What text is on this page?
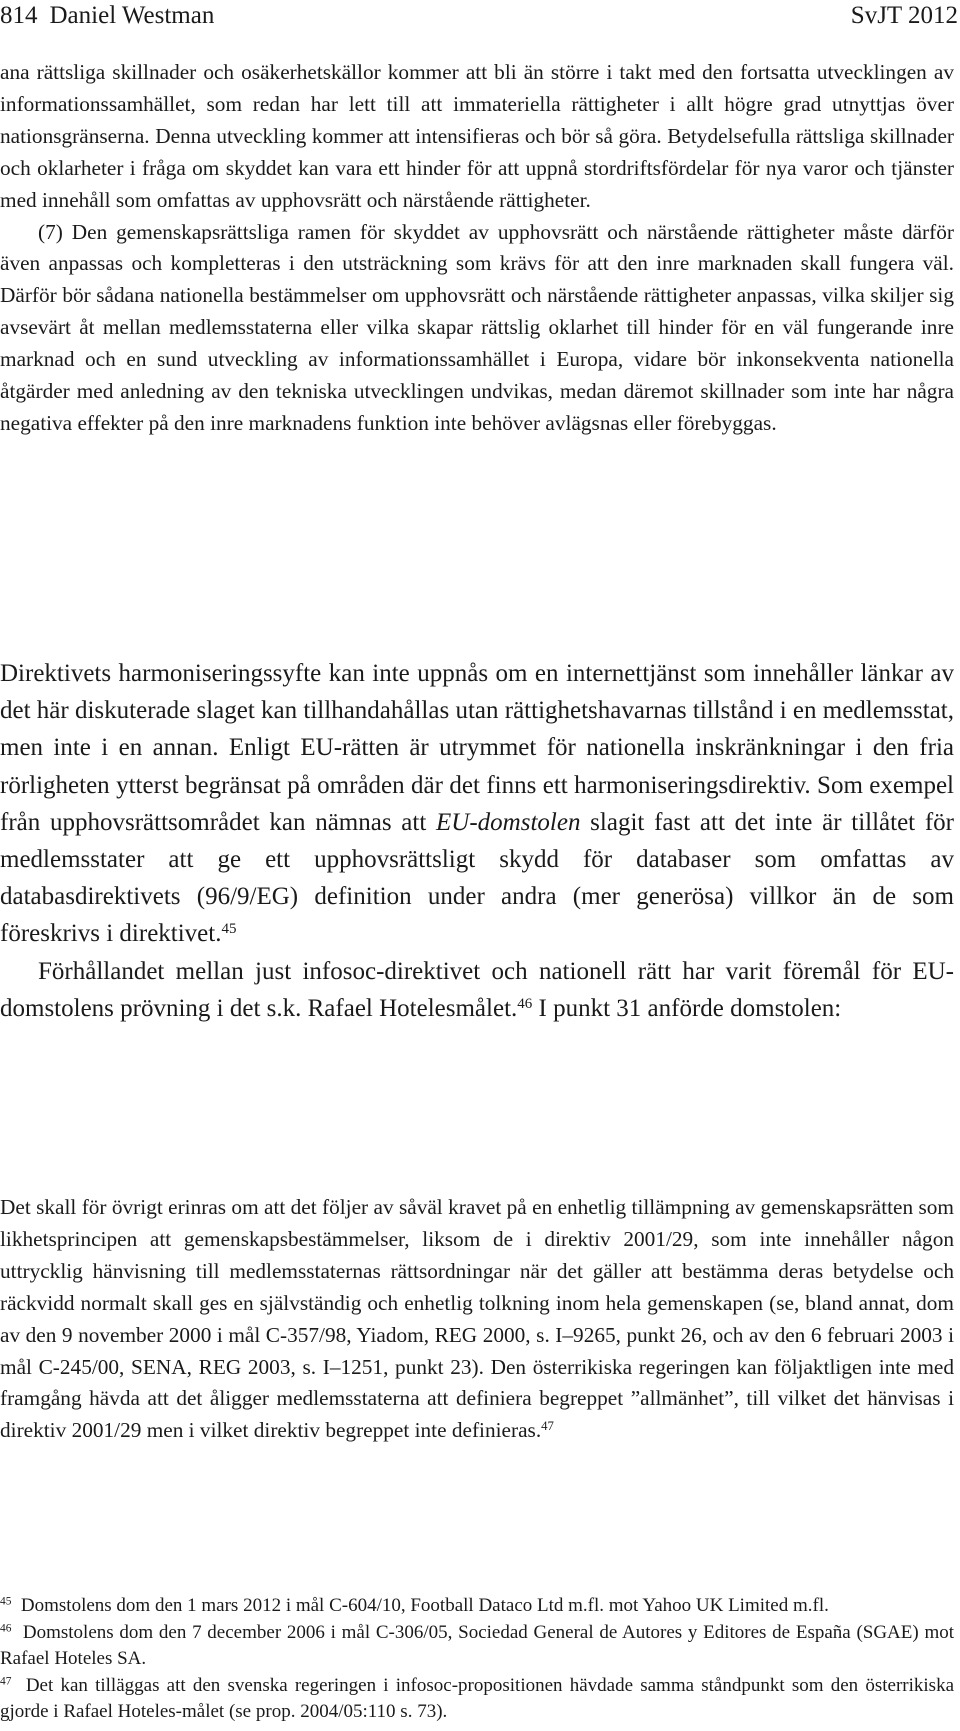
814 Daniel Westman	SvJT 2012

ana rättsliga skillnader och osäkerhetskällor kommer att bli än större i takt med den fortsatta utvecklingen av informationssamhället, som redan har lett till att immateriella rättigheter i allt högre grad utnyttjas över nationsgränserna. Denna utveckling kommer att intensifieras och bör så göra. Betydelsefulla rättsliga skillnader och oklarheter i fråga om skyddet kan vara ett hinder för att uppnå stordriftsfördelar för nya varor och tjänster med innehåll som omfattas av upphovsrätt och närstående rättigheter.

(7) Den gemenskapsrättsliga ramen för skyddet av upphovsrätt och närstående rättigheter måste därför även anpassas och kompletteras i den utsträckning som krävs för att den inre marknaden skall fungera väl. Därför bör sådana nationella bestämmelser om upphovsrätt och närstående rättigheter anpassas, vilka skiljer sig avsevärt åt mellan medlemsstaterna eller vilka skapar rättslig oklarhet till hinder för en väl fungerande inre marknad och en sund utveckling av informationssamhället i Europa, vidare bör inkonsekventa nationella åtgärder med anledning av den tekniska utvecklingen undvikas, medan däremot skillnader som inte har några negativa effekter på den inre marknadens funktion inte behöver avlägsnas eller förebyggas.

Direktivets harmoniseringssyfte kan inte uppnås om en internettjänst som innehåller länkar av det här diskuterade slaget kan tillhandahållas utan rättighetshavarnas tillstånd i en medlemsstat, men inte i en annan. Enligt EU-rätten är utrymmet för nationella inskränkningar i den fria rörligheten ytterst begränsat på områden där det finns ett harmoniseringsdirektiv. Som exempel från upphovsrättsområdet kan nämnas att EU-domstolen slagit fast att det inte är tillåtet för medlemsstater att ge ett upphovsrättsligt skydd för databaser som omfattas av databasdirektivets (96/9/EG) definition under andra (mer generösa) villkor än de som föreskrivs i direktivet.$^{45}$

Förhållandet mellan just infosoc-direktivet och nationell rätt har varit föremål för EU-domstolens prövning i det s.k. Rafael Hotelesmålet.$^{46}$ I punkt 31 anförde domstolen:

Det skall för övrigt erinras om att det följer av såväl kravet på en enhetlig tillämpning av gemenskapsrätten som likhetsprincipen att gemenskapsbestämmelser, liksom de i direktiv 2001/29, som inte innehåller någon uttrycklig hänvisning till medlemsstaternas rättsordningar när det gäller att bestämma deras betydelse och räckvidd normalt skall ges en självständig och enhetlig tolkning inom hela gemenskapen (se, bland annat, dom av den 9 november 2000 i mål C-357/98, Yiadom, REG 2000, s. I–9265, punkt 26, och av den 6 februari 2003 i mål C-245/00, SENA, REG 2003, s. I–1251, punkt 23). Den österrikiska regeringen kan följaktligen inte med framgång hävda att det åligger medlemsstaterna att definiera begreppet ”allmänhet”, till vilket det hänvisas i direktiv 2001/29 men i vilket direktiv begreppet inte definieras.$^{47}$

$^{45}$ Domstolens dom den 1 mars 2012 i mål C-604/10, Football Dataco Ltd m.fl. mot Yahoo UK Limited m.fl.

$^{46}$ Domstolens dom den 7 december 2006 i mål C-306/05, Sociedad General de Autores y Editores de España (SGAE) mot Rafael Hoteles SA.

$^{47}$ Det kan tilläggas att den svenska regeringen i infosoc-propositionen hävdade samma ståndpunkt som den österrikiska gjorde i Rafael Hoteles-målet (se prop. 2004/05:110 s. 73).
